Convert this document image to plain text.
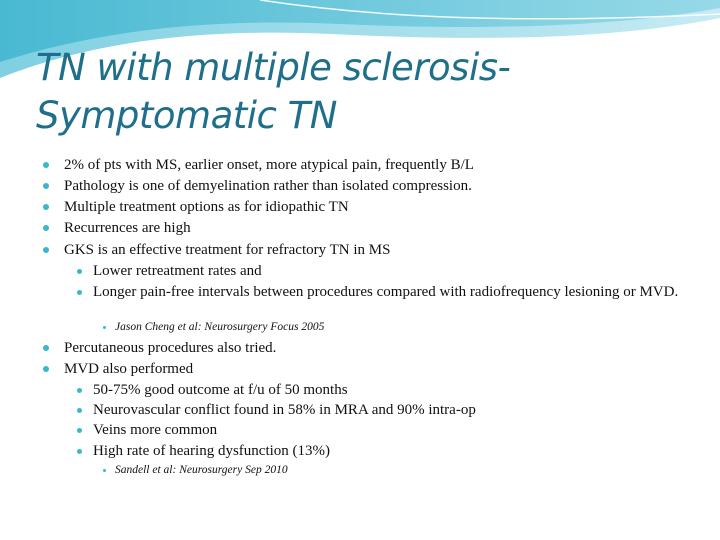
TN with multiple sclerosis-
Symptomatic TN
2% of pts with MS, earlier onset, more atypical pain, frequently B/L
Pathology is one of demyelination rather than isolated compression.
Multiple treatment options as for idiopathic TN
Recurrences are high
GKS is an effective treatment for refractory TN in MS
Lower retreatment rates and
Longer pain-free intervals between procedures compared with radiofrequency lesioning or MVD.
Jason Cheng et al: Neurosurgery Focus 2005
Percutaneous procedures also tried.
MVD also performed
50-75% good outcome at f/u of 50 months
Neurovascular conflict found in 58% in MRA and 90% intra-op
Veins more common
High rate of hearing dysfunction (13%)
Sandell et al: Neurosurgery Sep 2010
